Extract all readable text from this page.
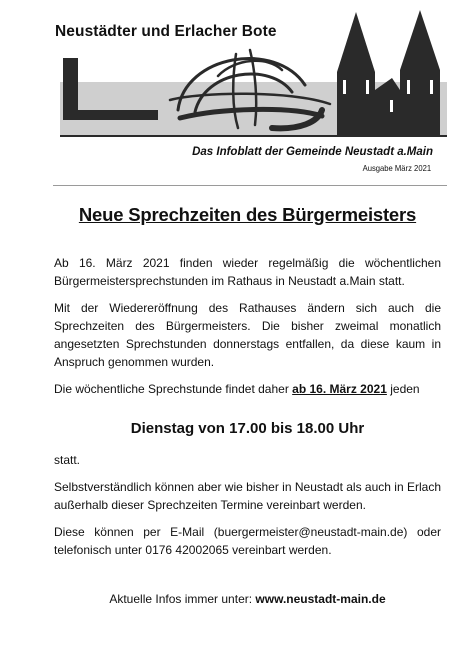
Neustädter und Erlacher Bote
Das Infoblatt der Gemeinde Neustadt a.Main
Ausgabe März 2021
Neue Sprechzeiten des Bürgermeisters

Ab 16. März 2021 finden wieder regelmäßig die wöchentlichen Bürgermeistersprechstunden im Rathaus in Neustadt a.Main statt.

Mit der Wiedereröffnung des Rathauses ändern sich auch die Sprechzeiten des Bürgermeisters. Die bisher zweimal monatlich angesetzten Sprechstunden donnerstags entfallen, da diese kaum in Anspruch genommen wurden.

Die wöchentliche Sprechstunde findet daher ab 16. März 2021 jeden

Dienstag von 17.00 bis 18.00 Uhr

statt.

Selbstverständlich können aber wie bisher in Neustadt als auch in Erlach außerhalb dieser Sprechzeiten Termine vereinbart werden.

Diese können per E-Mail (buergermeister@neustadt-main.de) oder telefonisch unter 0176 42002065 vereinbart werden.

Aktuelle Infos immer unter: www.neustadt-main.de
